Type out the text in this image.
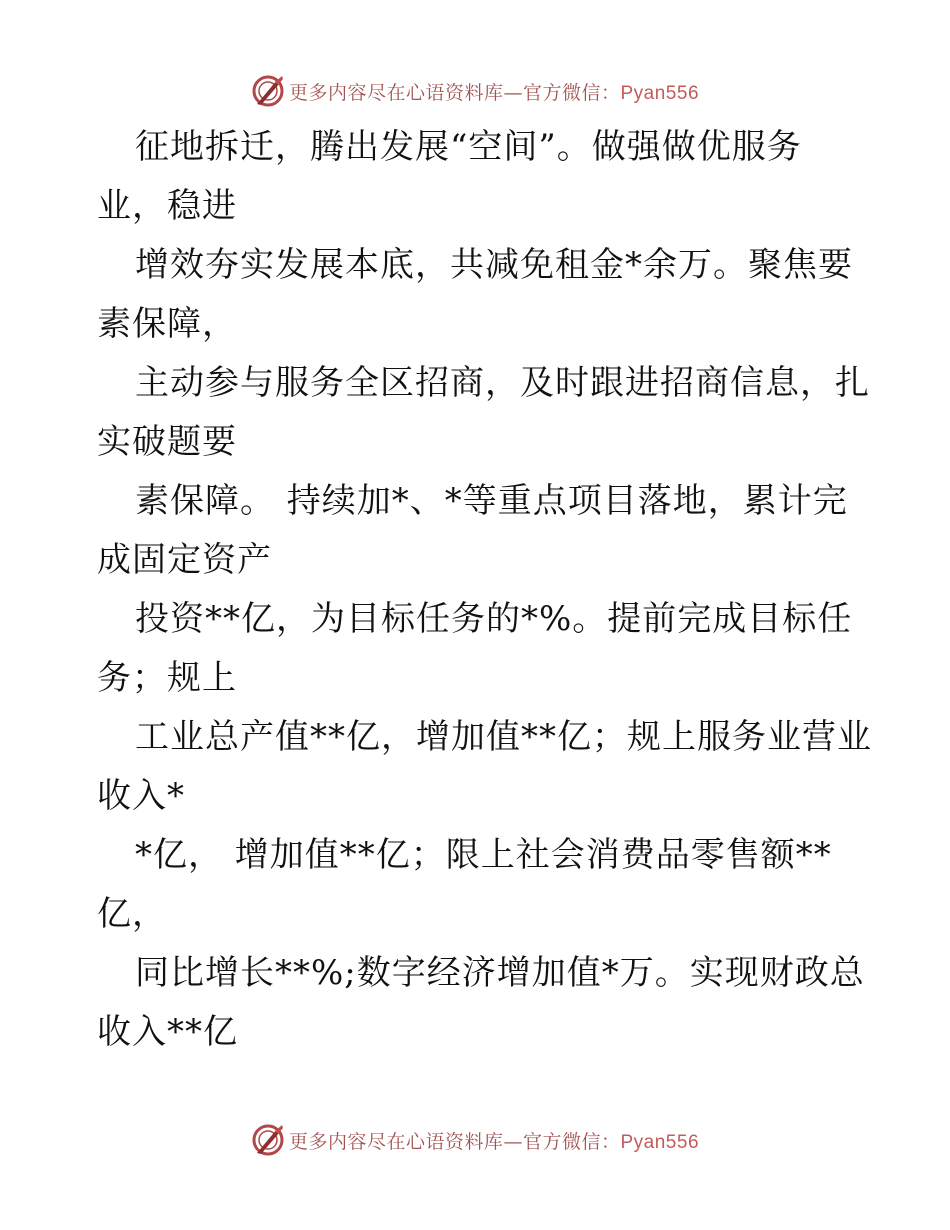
更多内容尽在心语资料库—官方微信：Pyan556
征地拆迁，腾出发展“空间”。做强做优服务
业，稳进
增效夯实发展本底，共减免租金*余万。聚焦要
素保障，
主动参与服务全区招商，及时跟进招商信息，扎
实破题要
素保障。 持续加*、*等重点项目落地，累计完
成固定资产
投资**亿，为目标任务的*%。提前完成目标任
务；规上
工业总产值**亿，增加值**亿；规上服务业营业
收入*
*亿， 增加值**亿；限上社会消费品零售额**
亿，
同比增长**%;数字经济增加值*万。实现财政总
收入**亿
更多内容尽在心语资料库—官方微信：Pyan556
